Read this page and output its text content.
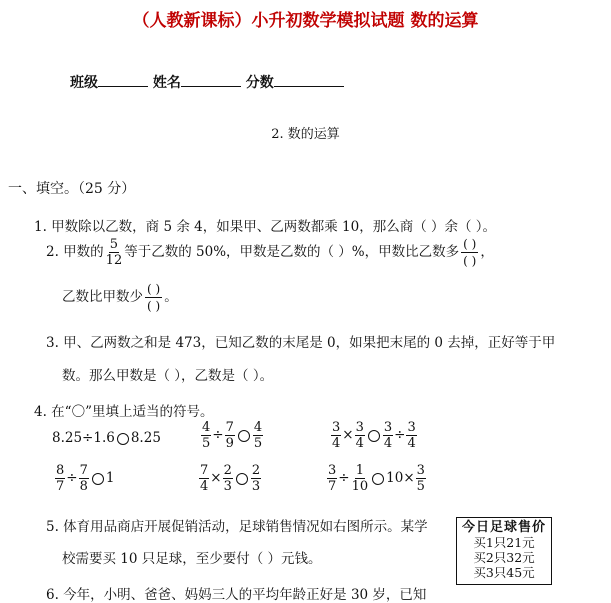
（人教新课标）小升初数学模拟试题 数的运算
班级	姓名	分数
2. 数的运算
一、填空。（25 分）
1. 甲数除以乙数，商 5 余 4，如果甲、乙两数都乘 10，那么商（ ）余（ ）。
2. 甲数的 $\frac{5}{12}$ 等于乙数的 50%，甲数是乙数的（ ）%，甲数比乙数多 $\frac{( )}{( )}$ ，
乙数比甲数少 $\frac{( )}{( )}$ 。
3. 甲、乙两数之和是 473，已知乙数的末尾是 0，如果把末尾的 0 去掉，正好等于甲
数。那么甲数是（ ），乙数是（ ）。
4. 在“〇”里填上适当的符号。
8.25÷1.6 8.25	$\frac{4}{5} \div \frac{7}{9} \frac{4}{5}$	$\frac{3}{4} \times \frac{3}{4} \frac{3}{4} \div \frac{3}{4}$
$\frac{8}{7} \div \frac{7}{8} 1$	$\frac{7}{4} \times \frac{2}{3} \frac{2}{3}$	$\frac{3}{7} \div \frac{1}{10} 10\times \frac{3}{5}$
5. 体育用品商店开展促销活动，足球销售情况如右图所示。某学
校需要买 10 只足球，至少要付（ ）元钱。
今日足球售价
买1只21元
买2只32元
买3只45元
6. 今年，小明、爸爸、妈妈三人的平均年龄正好是 30 岁，已知
